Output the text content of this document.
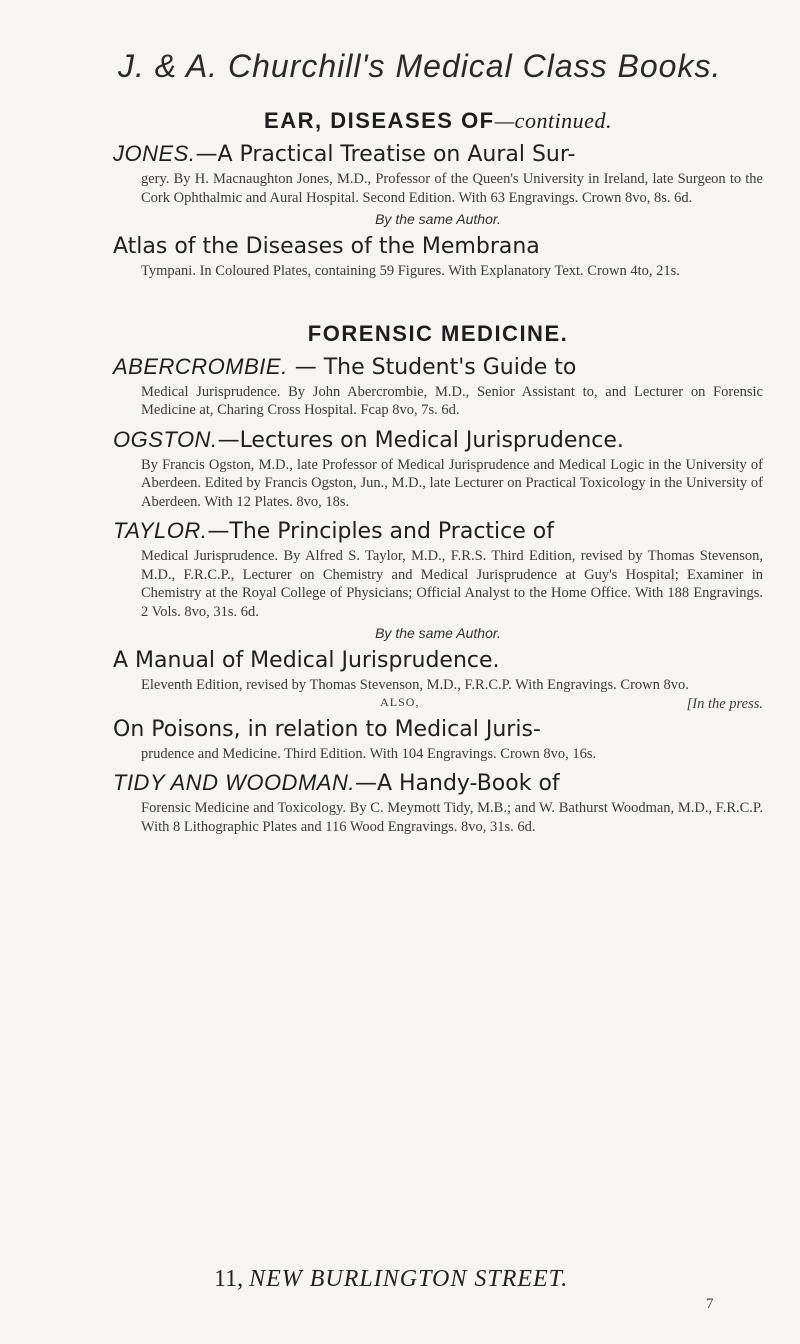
J. & A. Churchill's Medical Class Books.
EAR, DISEASES OF—continued.
JONES.—A Practical Treatise on Aural Sur-
gery. By H. Macnaughton Jones, M.D., Professor of the Queen's University in Ireland, late Surgeon to the Cork Ophthalmic and Aural Hospital. Second Edition. With 63 Engravings. Crown 8vo, 8s. 6d.
By the same Author.
Atlas of the Diseases of the Membrana
Tympani. In Coloured Plates, containing 59 Figures. With Explanatory Text. Crown 4to, 21s.
FORENSIC MEDICINE.
ABERCROMBIE. — The Student's Guide to
Medical Jurisprudence. By John Abercrombie, M.D., Senior Assistant to, and Lecturer on Forensic Medicine at, Charing Cross Hospital. Fcap 8vo, 7s. 6d.
OGSTON.—Lectures on Medical Jurisprudence.
By Francis Ogston, M.D., late Professor of Medical Jurisprudence and Medical Logic in the University of Aberdeen. Edited by Francis Ogston, Jun., M.D., late Lecturer on Practical Toxicology in the University of Aberdeen. With 12 Plates. 8vo, 18s.
TAYLOR.—The Principles and Practice of
Medical Jurisprudence. By Alfred S. Taylor, M.D., F.R.S. Third Edition, revised by Thomas Stevenson, M.D., F.R.C.P., Lecturer on Chemistry and Medical Jurisprudence at Guy's Hospital; Examiner in Chemistry at the Royal College of Physicians; Official Analyst to the Home Office. With 188 Engravings. 2 Vols. 8vo, 31s. 6d.
By the same Author.
A Manual of Medical Jurisprudence.
Eleventh Edition, revised by Thomas Stevenson, M.D., F.R.C.P. With Engravings. Crown 8vo.
[In the press.
ALSO,
On Poisons, in relation to Medical Juris-
prudence and Medicine. Third Edition. With 104 Engravings. Crown 8vo, 16s.
TIDY AND WOODMAN.—A Handy-Book of
Forensic Medicine and Toxicology. By C. Meymott Tidy, M.B.; and W. Bathurst Woodman, M.D., F.R.C.P. With 8 Lithographic Plates and 116 Wood Engravings. 8vo, 31s. 6d.
11, NEW BURLINGTON STREET.
7
